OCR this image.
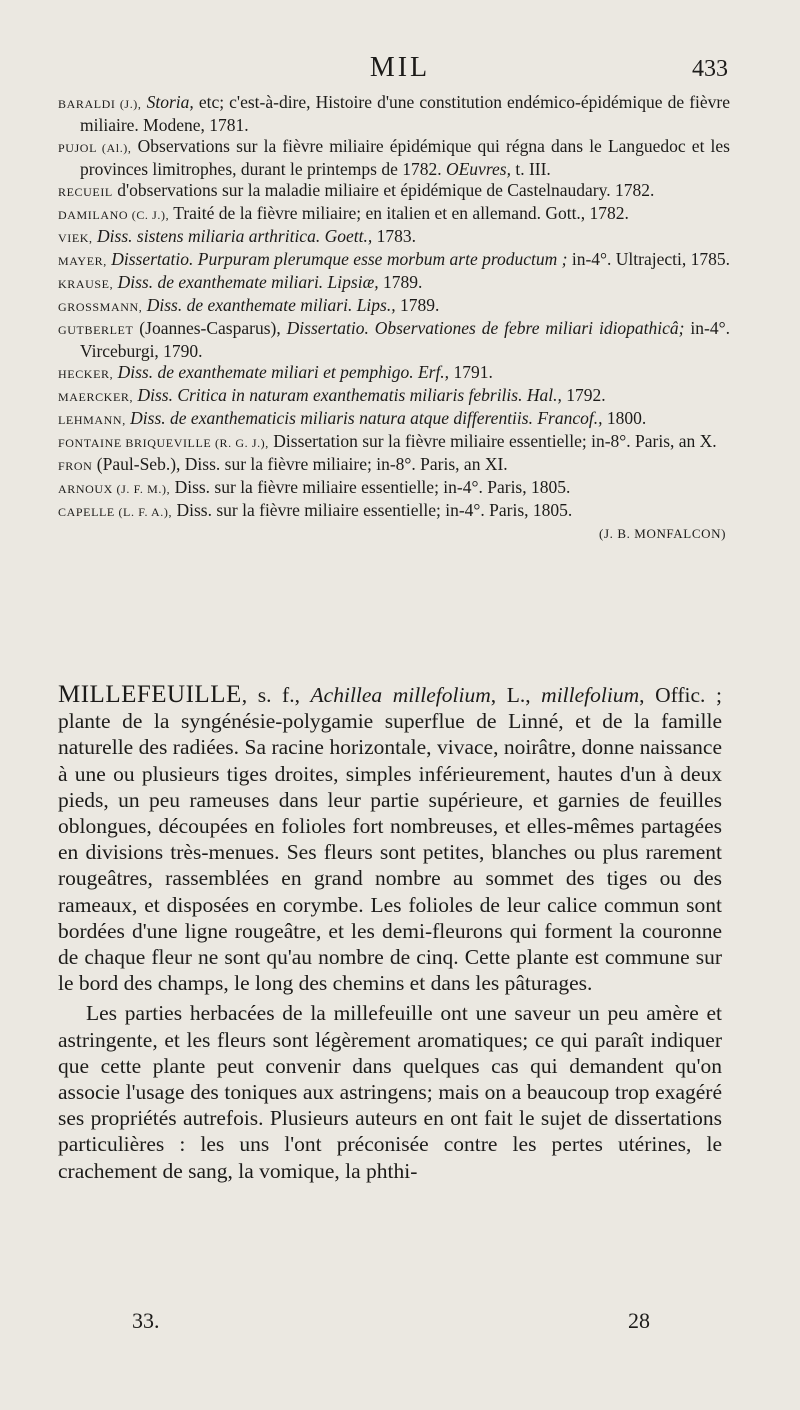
MIL	433
BARALDI (J.), Storia, etc; c'est-à-dire, Histoire d'une constitution endémico-épidémique de fièvre miliaire. Modene, 1781.
PUJOL (Al.), Observations sur la fièvre miliaire épidémique qui régna dans le Languedoc et les provinces limitrophes, durant le printemps de 1782. OEuvres, t. III.
RECUEIL d'observations sur la maladie miliaire et épidémique de Castelnaudary. 1782.
DAMILANO (C. J.), Traité de la fièvre miliaire; en italien et en allemand. Gott., 1782.
VIEK, Diss. sistens miliaria arthritica. Goett., 1783.
MAYER, Dissertatio. Purpuram plerumque esse morbum arte productum ; in-4°. Ultrajecti, 1785.
KRAUSE, Diss. de exanthemate miliari. Lipsiæ, 1789.
GROSSMANN, Diss. de exanthemate miliari. Lips., 1789.
GUTBERLET (Joannes-Casparus), Dissertatio. Observationes de febre miliari idiopathicâ; in-4°. Virceburgi, 1790.
HECKER, Diss. de exanthemate miliari et pemphigo. Erf., 1791.
MAERCKER, Diss. Critica in naturam exanthematis miliaris febrilis. Hal., 1792.
LEHMANN, Diss. de exanthematicis miliaris natura atque differentiis. Francof., 1800.
FONTAINE BRIQUEVILLE (R. G. J.), Dissertation sur la fièvre miliaire essentielle; in-8°. Paris, an X.
FRON (Paul-Seb.), Diss. sur la fièvre miliaire; in-8°. Paris, an XI.
ARNOUX (J. F. M.), Diss. sur la fièvre miliaire essentielle; in-4°. Paris, 1805.
CAPELLE (L. F. A.), Diss. sur la fièvre miliaire essentielle; in-4°. Paris, 1805.
(J. B. MONFALCON)

MILLEFEUILLE, s. f., Achillea millefolium, L., millefolium, Offic. ; plante de la syngénésie-polygamie superflue de Linné, et de la famille naturelle des radiées. Sa racine horizontale, vivace, noirâtre, donne naissance à une ou plusieurs tiges droites, simples inférieurement, hautes d'un à deux pieds, un peu rameuses dans leur partie supérieure, et garnies de feuilles oblongues, découpées en folioles fort nombreuses, et elles-mêmes partagées en divisions très-menues. Ses fleurs sont petites, blanches ou plus rarement rougeâtres, rassemblées en grand nombre au sommet des tiges ou des rameaux, et disposées en corymbe. Les folioles de leur calice commun sont bordées d'une ligne rougeâtre, et les demi-fleurons qui forment la couronne de chaque fleur ne sont qu'au nombre de cinq. Cette plante est commune sur le bord des champs, le long des chemins et dans les pâturages.

Les parties herbacées de la millefeuille ont une saveur un peu amère et astringente, et les fleurs sont légèrement aromatiques; ce qui paraît indiquer que cette plante peut convenir dans quelques cas qui demandent qu'on associe l'usage des toniques aux astringens; mais on a beaucoup trop exagéré ses propriétés autrefois. Plusieurs auteurs en ont fait le sujet de dissertations particulières : les uns l'ont préconisée contre les pertes utérines, le crachement de sang, la vomique, la phthi-

33.	28
